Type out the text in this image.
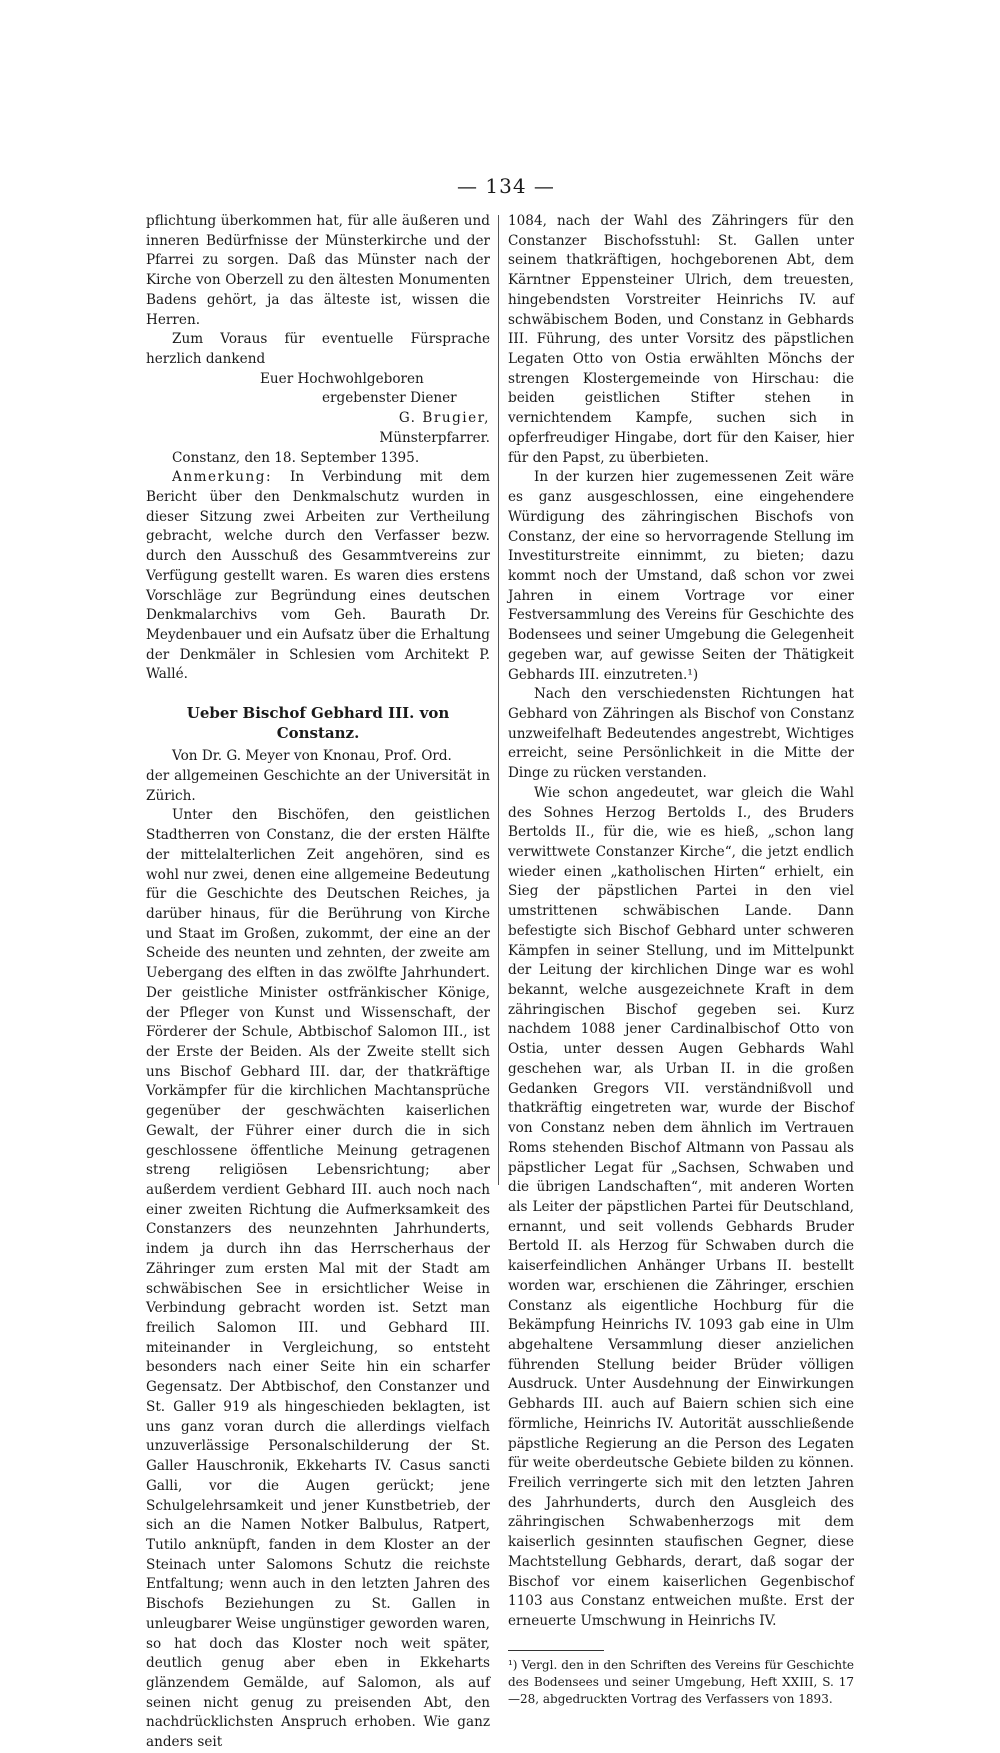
— 134 —

pflichtung überkommen hat, für alle äußeren und inneren Bedürfnisse der Münsterkirche und der Pfarrei zu sorgen. Daß das Münster nach der Kirche von Oberzell zu den ältesten Monumenten Badens gehört, ja das älteste ist, wissen die Herren.

Zum Voraus für eventuelle Fürsprache herzlich dankend

Euer Hochwohlgeboren
ergebenster Diener
G. Brugier,
Münsterpfarrer.

Constanz, den 18. September 1395.

Anmerkung: In Verbindung mit dem Bericht über den Denkmalschutz wurden in dieser Sitzung zwei Arbeiten zur Vertheilung gebracht, welche durch den Verfasser bezw. durch den Ausschuß des Gesammtvereins zur Verfügung gestellt waren. Es waren dies erstens Vorschläge zur Begründung eines deutschen Denkmalarchivs vom Geh. Baurath Dr. Meydenbauer und ein Aufsatz über die Erhaltung der Denkmäler in Schlesien vom Architekt P. Wallé.

Ueber Bischof Gebhard III. von Constanz.

Von Dr. G. Meyer von Knonau, Prof. Ord.

der allgemeinen Geschichte an der Universität in Zürich.

Unter den Bischöfen, den geistlichen Stadtherren von Constanz, die der ersten Hälfte der mittelalterlichen Zeit angehören, sind es wohl nur zwei, denen eine allgemeine Bedeutung für die Geschichte des Deutschen Reiches, ja darüber hinaus, für die Berührung von Kirche und Staat im Großen, zukommt, der eine an der Scheide des neunten und zehnten, der zweite am Uebergang des elften in das zwölfte Jahrhundert. Der geistliche Minister ostfränkischer Könige, der Pfleger von Kunst und Wissenschaft, der Förderer der Schule, Abtbischof Salomon III., ist der Erste der Beiden. Als der Zweite stellt sich uns Bischof Gebhard III. dar, der thatkräftige Vorkämpfer für die kirchlichen Machtansprüche gegenüber der geschwächten kaiserlichen Gewalt, der Führer einer durch die in sich geschlossene öffentliche Meinung getragenen streng religiösen Lebensrichtung; aber außerdem verdient Gebhard III. auch noch nach einer zweiten Richtung die Aufmerksamkeit des Constanzers des neunzehnten Jahrhunderts, indem ja durch ihn das Herrscherhaus der Zähringer zum ersten Mal mit der Stadt am schwäbischen See in ersichtlicher Weise in Verbindung gebracht worden ist. Setzt man freilich Salomon III. und Gebhard III. miteinander in Vergleichung, so entsteht besonders nach einer Seite hin ein scharfer Gegensatz. Der Abtbischof, den Constanzer und St. Galler 919 als hingeschieden beklagten, ist uns ganz voran durch die allerdings vielfach unzuverlässige Personalschilderung der St. Galler Hauschronik, Ekkeharts IV. Casus sancti Galli, vor die Augen gerückt; jene Schulgelehrsamkeit und jener Kunstbetrieb, der sich an die Namen Notker Balbulus, Ratpert, Tutilo anknüpft, fanden in dem Kloster an der Steinach unter Salomons Schutz die reichste Entfaltung; wenn auch in den letzten Jahren des Bischofs Beziehungen zu St. Gallen in unleugbarer Weise ungünstiger geworden waren, so hat doch das Kloster noch weit später, deutlich genug aber eben in Ekkeharts glänzendem Gemälde, auf Salomon, als auf seinen nicht genug zu preisenden Abt, den nachdrücklichsten Anspruch erhoben. Wie ganz anders seit

1084, nach der Wahl des Zähringers für den Constanzer Bischofsstuhl: St. Gallen unter seinem thatkräftigen, hochgeborenen Abt, dem Kärntner Eppensteiner Ulrich, dem treuesten, hingebendsten Vorstreiter Heinrichs IV. auf schwäbischem Boden, und Constanz in Gebhards III. Führung, des unter Vorsitz des päpstlichen Legaten Otto von Ostia erwählten Mönchs der strengen Klostergemeinde von Hirschau: die beiden geistlichen Stifter stehen in vernichtendem Kampfe, suchen sich in opferfreudiger Hingabe, dort für den Kaiser, hier für den Papst, zu überbieten.

In der kurzen hier zugemessenen Zeit wäre es ganz ausgeschlossen, eine eingehendere Würdigung des zähringischen Bischofs von Constanz, der eine so hervorragende Stellung im Investiturstreite einnimmt, zu bieten; dazu kommt noch der Umstand, daß schon vor zwei Jahren in einem Vortrage vor einer Festversammlung des Vereins für Geschichte des Bodensees und seiner Umgebung die Gelegenheit gegeben war, auf gewisse Seiten der Thätigkeit Gebhards III. einzutreten.¹)

Nach den verschiedensten Richtungen hat Gebhard von Zähringen als Bischof von Constanz unzweifelhaft Bedeutendes angestrebt, Wichtiges erreicht, seine Persönlichkeit in die Mitte der Dinge zu rücken verstanden.

Wie schon angedeutet, war gleich die Wahl des Sohnes Herzog Bertolds I., des Bruders Bertolds II., für die, wie es hieß, „schon lang verwittwete Constanzer Kirche“, die jetzt endlich wieder einen „katholischen Hirten“ erhielt, ein Sieg der päpstlichen Partei in den viel umstrittenen schwäbischen Lande. Dann befestigte sich Bischof Gebhard unter schweren Kämpfen in seiner Stellung, und im Mittelpunkt der Leitung der kirchlichen Dinge war es wohl bekannt, welche ausgezeichnete Kraft in dem zähringischen Bischof gegeben sei. Kurz nachdem 1088 jener Cardinalbischof Otto von Ostia, unter dessen Augen Gebhards Wahl geschehen war, als Urban II. in die großen Gedanken Gregors VII. verständnißvoll und thatkräftig eingetreten war, wurde der Bischof von Constanz neben dem ähnlich im Vertrauen Roms stehenden Bischof Altmann von Passau als päpstlicher Legat für „Sachsen, Schwaben und die übrigen Landschaften“, mit anderen Worten als Leiter der päpstlichen Partei für Deutschland, ernannt, und seit vollends Gebhards Bruder Bertold II. als Herzog für Schwaben durch die kaiserfeindlichen Anhänger Urbans II. bestellt worden war, erschienen die Zähringer, erschien Constanz als eigentliche Hochburg für die Bekämpfung Heinrichs IV. 1093 gab eine in Ulm abgehaltene Versammlung dieser anzielichen führenden Stellung beider Brüder völligen Ausdruck. Unter Ausdehnung der Einwirkungen Gebhards III. auch auf Baiern schien sich eine förmliche, Heinrichs IV. Autorität ausschließende päpstliche Regierung an die Person des Legaten für weite oberdeutsche Gebiete bilden zu können. Freilich verringerte sich mit den letzten Jahren des Jahrhunderts, durch den Ausgleich des zähringischen Schwabenherzogs mit dem kaiserlich gesinnten staufischen Gegner, diese Machtstellung Gebhards, derart, daß sogar der Bischof vor einem kaiserlichen Gegenbischof 1103 aus Constanz entweichen mußte. Erst der erneuerte Umschwung in Heinrichs IV.

¹) Vergl. den in den Schriften des Vereins für Geschichte des Bodensees und seiner Umgebung, Heft XXIII, S. 17—28, abgedruckten Vortrag des Verfassers von 1893.
